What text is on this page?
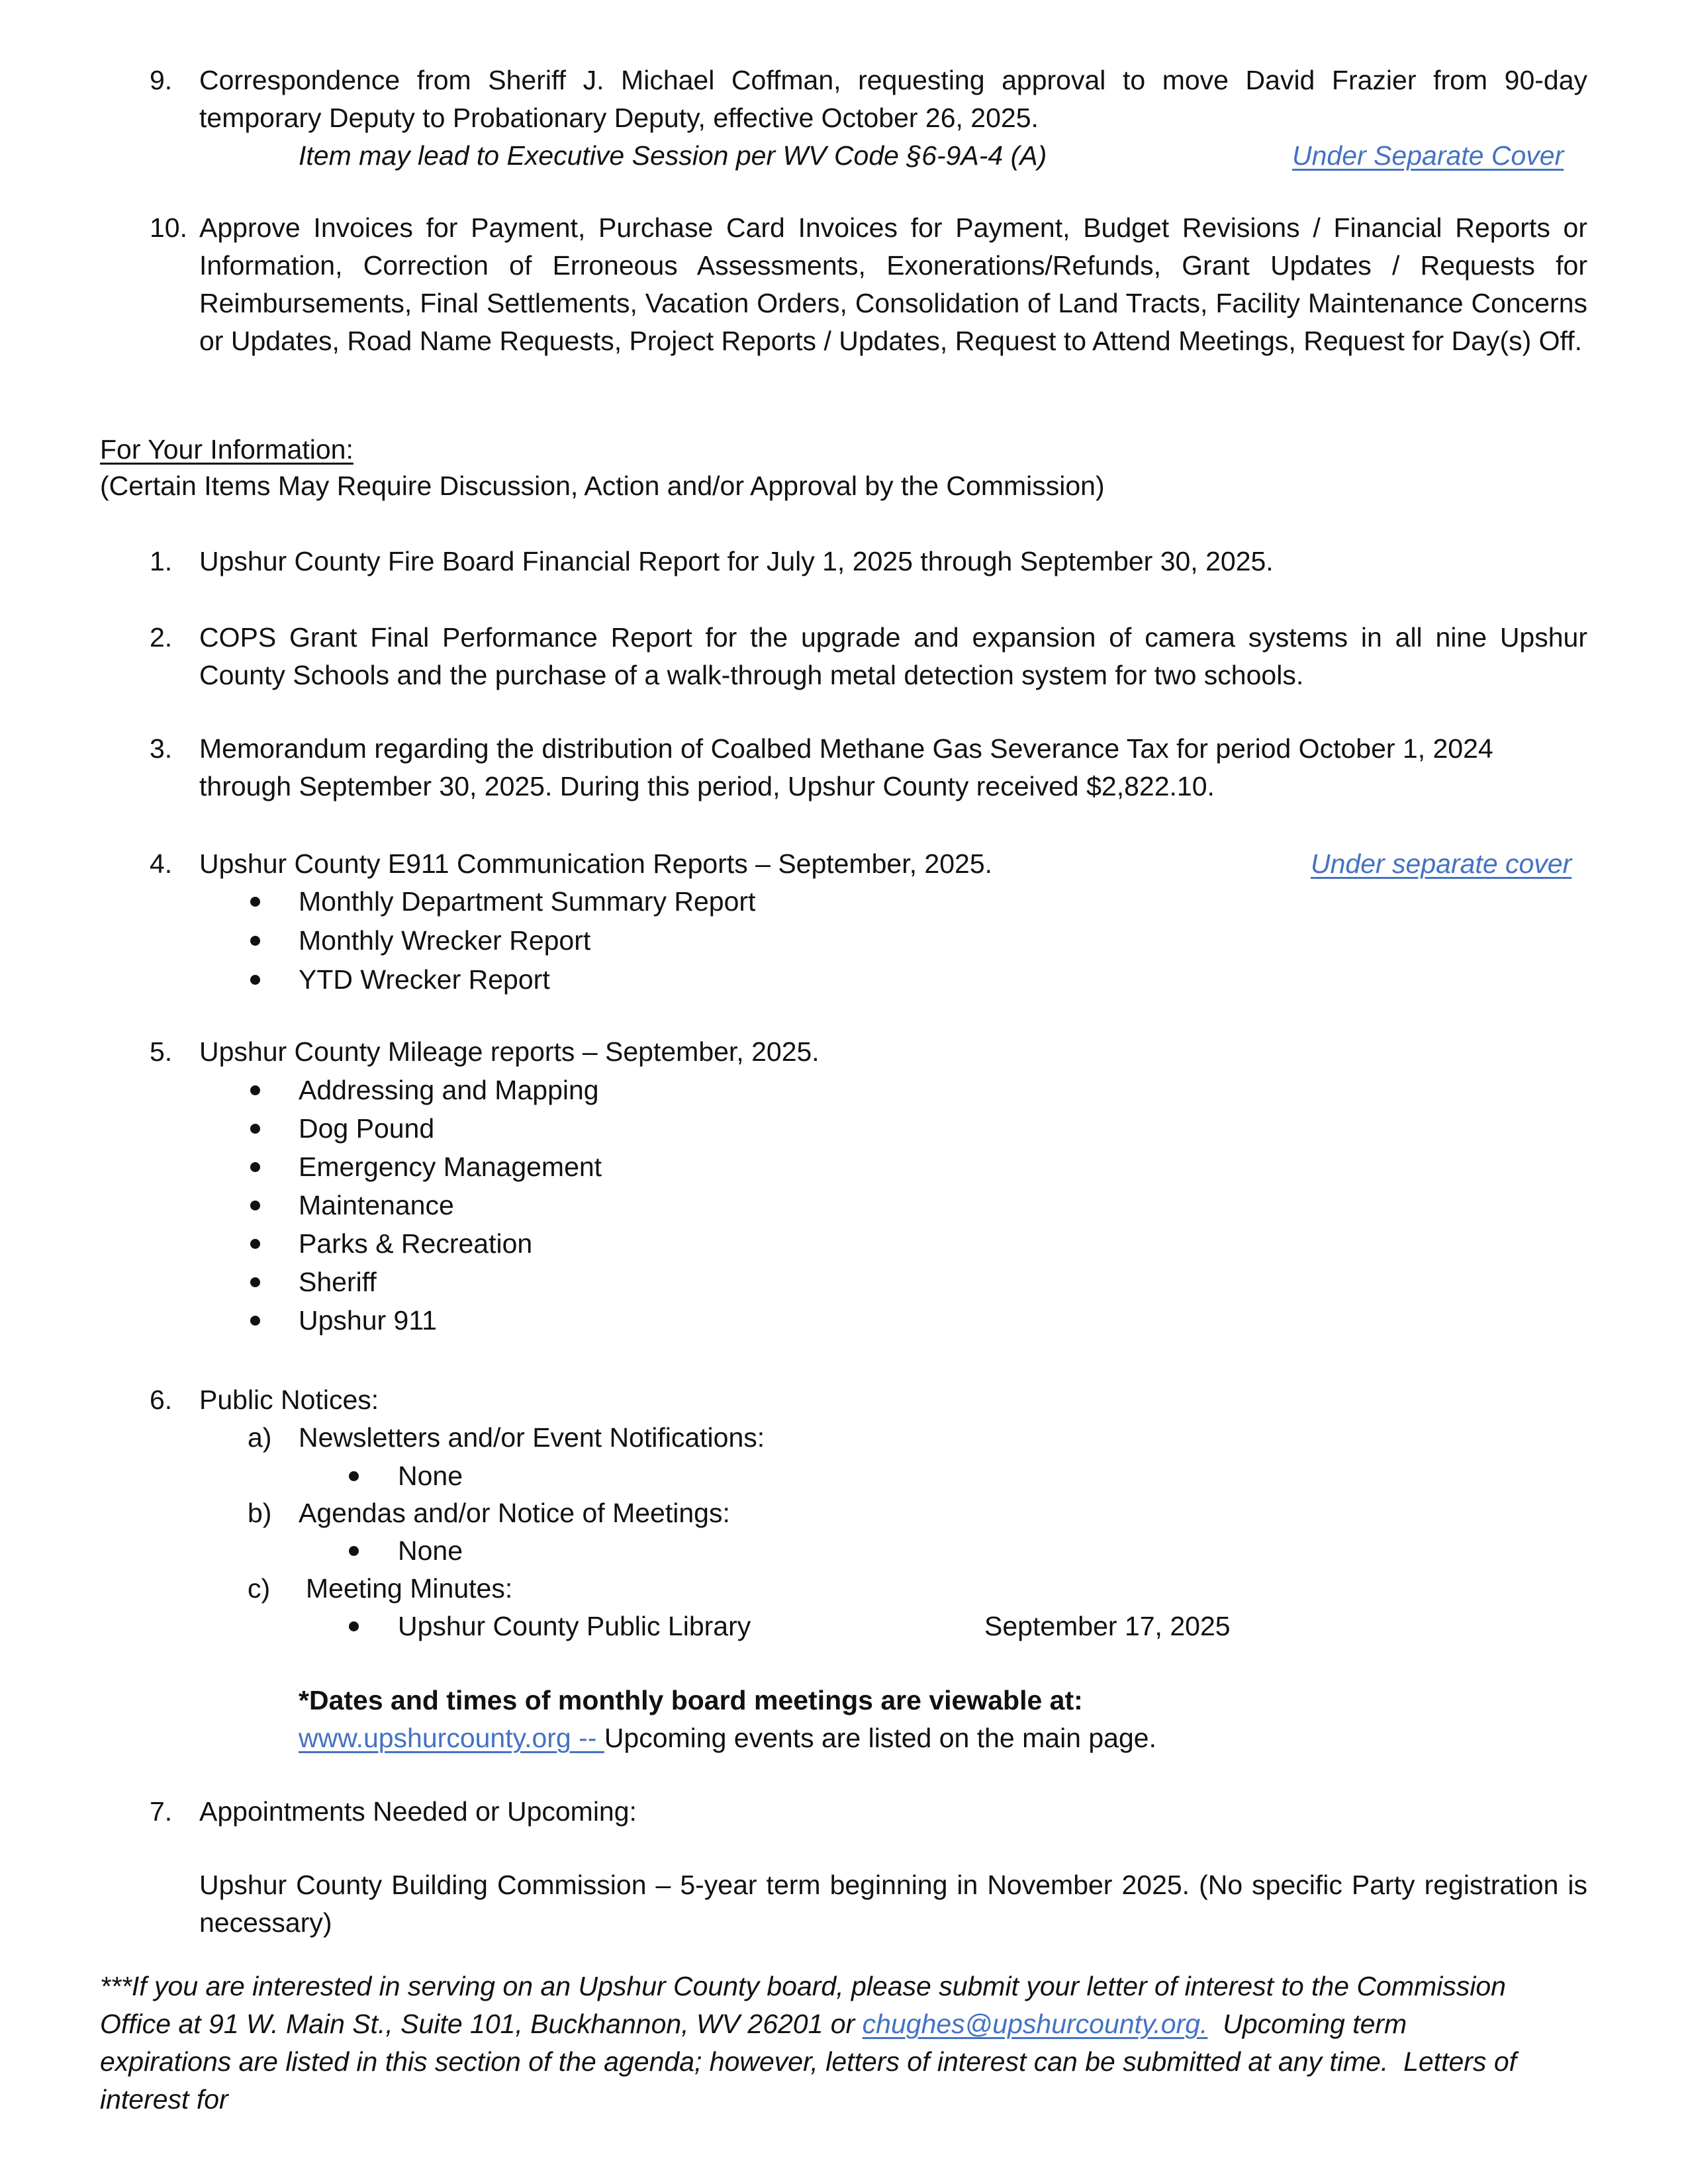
9. Correspondence from Sheriff J. Michael Coffman, requesting approval to move David Frazier from 90-day temporary Deputy to Probationary Deputy, effective October 26, 2025.
Item may lead to Executive Session per WV Code §6-9A-4 (A)	Under Separate Cover
10. Approve Invoices for Payment, Purchase Card Invoices for Payment, Budget Revisions / Financial Reports or Information, Correction of Erroneous Assessments, Exonerations/Refunds, Grant Updates / Requests for Reimbursements, Final Settlements, Vacation Orders, Consolidation of Land Tracts, Facility Maintenance Concerns or Updates, Road Name Requests, Project Reports / Updates, Request to Attend Meetings, Request for Day(s) Off.
For Your Information:
(Certain Items May Require Discussion, Action and/or Approval by the Commission)
1. Upshur County Fire Board Financial Report for July 1, 2025 through September 30, 2025.
2. COPS Grant Final Performance Report for the upgrade and expansion of camera systems in all nine Upshur County Schools and the purchase of a walk-through metal detection system for two schools.
3. Memorandum regarding the distribution of Coalbed Methane Gas Severance Tax for period October 1, 2024
through September 30, 2025. During this period, Upshur County received $2,822.10.
4. Upshur County E911 Communication Reports – September, 2025.	Under separate cover
Monthly Department Summary Report
Monthly Wrecker Report
YTD Wrecker Report
5. Upshur County Mileage reports – September, 2025.
Addressing and Mapping
Dog Pound
Emergency Management
Maintenance
Parks & Recreation
Sheriff
Upshur 911
6. Public Notices:
a) Newsletters and/or Event Notifications:
None
b) Agendas and/or Notice of Meetings:
None
c) Meeting Minutes:
Upshur County Public Library	September 17, 2025
*Dates and times of monthly board meetings are viewable at:
www.upshurcounty.org -- Upcoming events are listed on the main page.
7. Appointments Needed or Upcoming:
Upshur County Building Commission – 5-year term beginning in November 2025. (No specific Party registration is necessary)
***If you are interested in serving on an Upshur County board, please submit your letter of interest to the Commission Office at 91 W. Main St., Suite 101, Buckhannon, WV 26201 or chughes@upshurcounty.org.  Upcoming term expirations are listed in this section of the agenda; however, letters of interest can be submitted at any time.  Letters of interest for
